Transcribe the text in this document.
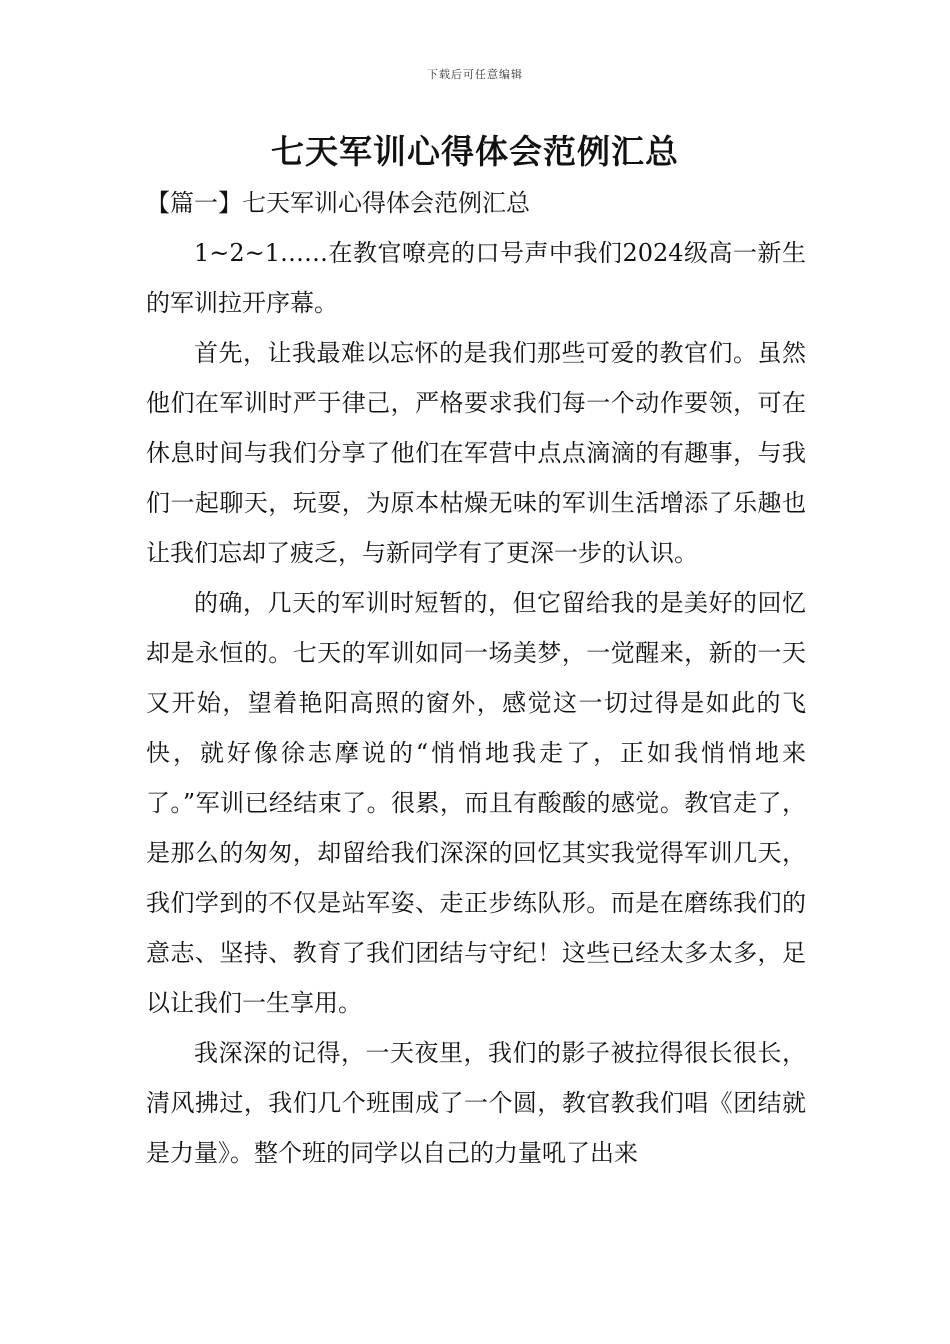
下载后可任意编辑
七天军训心得体会范例汇总
【篇一】七天军训心得体会范例汇总

1~2~1……在教官嘹亮的口号声中我们2024级高一新生的军训拉开序幕。

首先，让我最难以忘怀的是我们那些可爱的教官们。虽然他们在军训时严于律己，严格要求我们每一个动作要领，可在休息时间与我们分享了他们在军营中点点滴滴的有趣事，与我们一起聊天，玩耍，为原本枯燥无味的军训生活增添了乐趣也让我们忘却了疲乏，与新同学有了更深一步的认识。

的确，几天的军训时短暂的，但它留给我的是美好的回忆却是永恒的。七天的军训如同一场美梦，一觉醒来，新的一天又开始，望着艳阳高照的窗外，感觉这一切过得是如此的飞快，就好像徐志摩说的“悄悄地我走了，正如我悄悄地来了。”军训已经结束了。很累，而且有酸酸的感觉。教官走了，是那么的匆匆，却留给我们深深的回忆其实我觉得军训几天，我们学到的不仅是站军姿、走正步练队形。而是在磨练我们的意志、坚持、教育了我们团结与守纪！这些已经太多太多，足以让我们一生享用。

我深深的记得，一天夜里，我们的影子被拉得很长很长，清风拂过，我们几个班围成了一个圆，教官教我们唱《团结就是力量》。整个班的同学以自己的力量吼了出来
